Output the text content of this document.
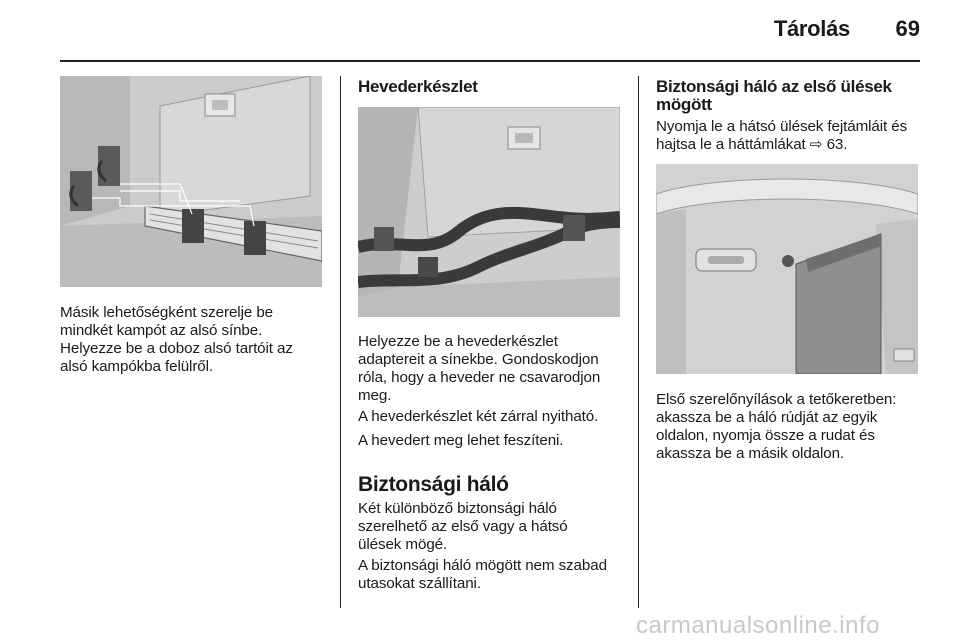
Tárolás	69
Másik lehetőségként szerelje be
mindkét kampót az alsó sínbe.
Helyezze be a doboz alsó tartóit az
alsó kampókba felülről.
Hevederkészlet
Helyezze be a hevederkészlet
adaptereit a sínekbe. Gondoskodjon
róla, hogy a heveder ne csavarodjon
meg.
A hevederkészlet két zárral nyitható.
A hevedert meg lehet feszíteni.
Biztonsági háló
Két különböző biztonsági háló
szerelhető az első vagy a hátsó
ülések mögé.
A biztonsági háló mögött nem szabad
utasokat szállítani.
Biztonsági háló az első ülések
mögött
Nyomja le a hátsó ülések fejtámláit és
hajtsa le a háttámlákat ⇨ 63.
Első szerelőnyílások a tetőkeretben:
akassza be a háló rúdját az egyik
oldalon, nyomja össze a rudat és
akassza be a másik oldalon.
carmanualsonline.info
